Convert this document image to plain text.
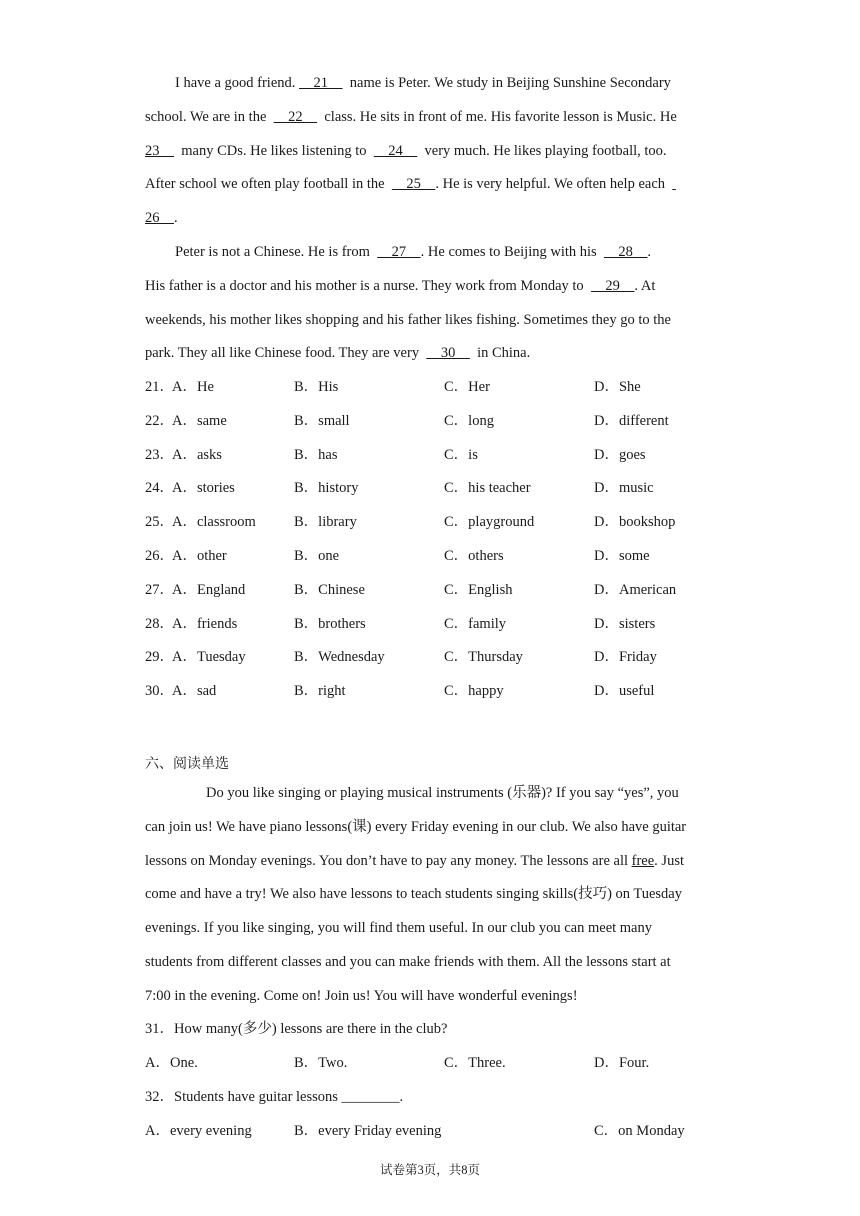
I have a good friend.     21      name is Peter. We study in Beijing Sunshine Secondary
school. We are in the      22      class. He sits in front of me. His favorite lesson is Music. He
23      many CDs. He likes listening to      24      very much. He likes playing football, too.
After school we often play football in the      25    . He is very helpful. We often help each
26    .
Peter is not a Chinese. He is from      27    . He comes to Beijing with his      28    .
His father is a doctor and his mother is a nurse. They work from Monday to      29    . At
weekends, his mother likes shopping and his father likes fishing. Sometimes they go to the
park. They all like Chinese food. They are very      30      in China.
21．
A．He	B．His	C．Her	D．She
22．
A．same	B．small	C．long	D．different
23．
A．asks	B．has	C．is	D．goes
24．
A．stories	B．history	C．his teacher	D．music
25．
A．classroom	B．library	C．playground	D．bookshop
26．
A．other	B．one	C．others	D．some
27．
A．England	B．Chinese	C．English	D．American
28．
A．friends	B．brothers	C．family	D．sisters
29．
A．Tuesday	B．Wednesday	C．Thursday	D．Friday
30．
A．sad	B．right	C．happy	D．useful
六、阅读单选
Do you like singing or playing musical instruments (乐器)? If you say “yes”, you
can join us! We have piano lessons(课) every Friday evening in our club. We also have guitar
lessons on Monday evenings. You don’t have to pay any money. The lessons are all free. Just
come and have a try! We also have lessons to teach students singing skills(技巧) on Tuesday
evenings. If you like singing, you will find them useful. In our club you can meet many
students from different classes and you can make friends with them. All the lessons start at
7:00 in the evening. Come on! Join us! You will have wonderful evenings!
31．How many(多少) lessons are there in the club?
A．One.	B．Two.	C．Three.	D．Four.
32．Students have guitar lessons ________.
A．every evening	B．every Friday evening	C．on Monday
试卷第3页，共8页
